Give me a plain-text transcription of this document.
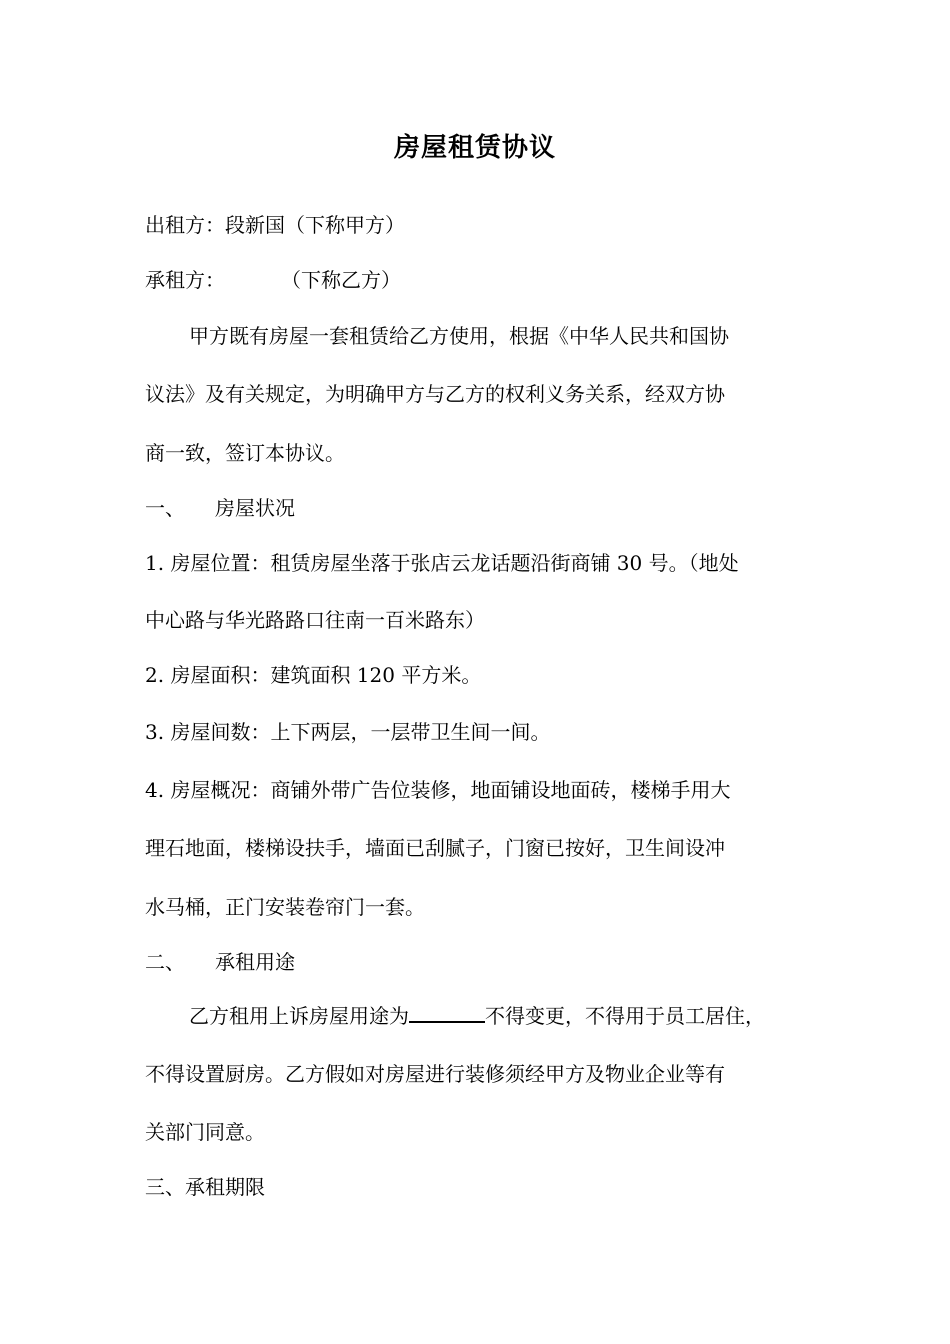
房屋租赁协议
出租方：段新国（下称甲方）
承租方：	（下称乙方）
甲方既有房屋一套租赁给乙方使用，根据《中华人民共和国协
议法》及有关规定，为明确甲方与乙方的权利义务关系，经双方协
商一致，签订本协议。
一、 房屋状况
1. 房屋位置：租赁房屋坐落于张店云龙话题沿街商铺 30 号。（地处
中心路与华光路路口往南一百米路东）
2. 房屋面积：建筑面积 120 平方米。
3. 房屋间数：上下两层，一层带卫生间一间。
4. 房屋概况：商铺外带广告位装修，地面铺设地面砖，楼梯手用大
理石地面，楼梯设扶手，墙面已刮腻子，门窗已按好，卫生间设冲
水马桶，正门安装卷帘门一套。
二、 承租用途
乙方租用上诉房屋用途为	不得变更，不得用于员工居住，
不得设置厨房。乙方假如对房屋进行装修须经甲方及物业企业等有
关部门同意。
三、承租期限
